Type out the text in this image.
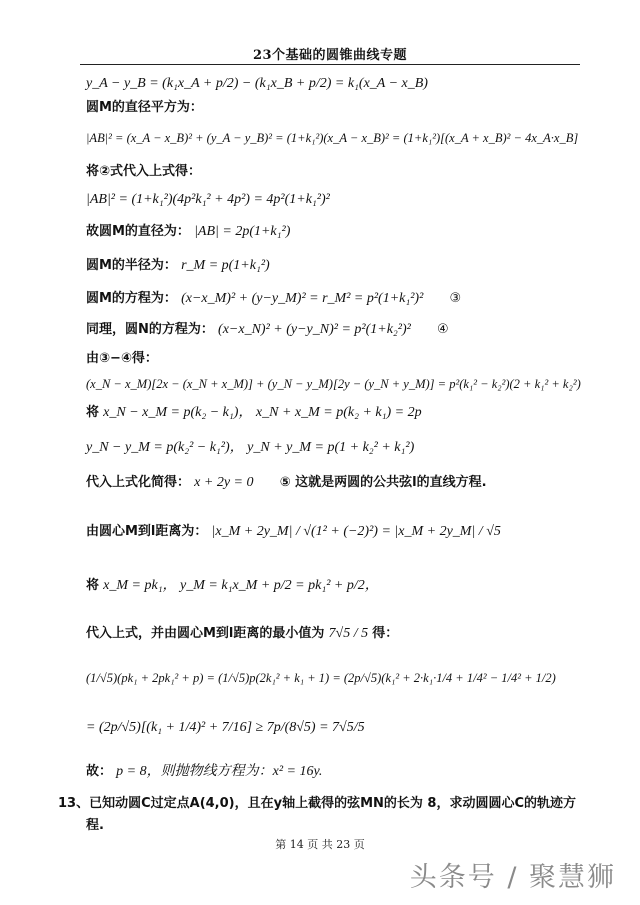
23个基础的圆锥曲线专题
y_A − y_B = (k₁x_A + p/2) − (k₁x_B + p/2) = k₁(x_A − x_B)
圆M的直径平方为：
|AB|² = (x_A − x_B)² + (y_A − y_B)² = (1+k₁²)(x_A − x_B)² = (1+k₁²)[(x_A + x_B)² − 4x_A·x_B]
将②式代入上式得：
|AB|² = (1+k₁²)(4p²k₁² + 4p²) = 4p²(1+k₁²)²
故圆M的直径为： |AB| = 2p(1+k₁²)
圆M的半径为： r_M = p(1+k₁²)
圆M的方程为： (x−x_M)² + (y−y_M)² = r_M² = p²(1+k₁²)² ③
同理，圆N的方程为： (x−x_N)² + (y−y_N)² = p²(1+k₂²)² ④
由③−④得：
(x_N − x_M)[2x − (x_N + x_M)] + (y_N − y_M)[2y − (y_N + y_M)] = p²(k₁² − k₂²)(2 + k₁² + k₂²)
将 x_N − x_M = p(k₂ − k₁)， x_N + x_M = p(k₂ + k₁) = 2p
y_N − y_M = p(k₂² − k₁²)， y_N + y_M = p(1 + k₂² + k₁²)
代入上式化简得： x + 2y = 0 ⑤ 这就是两圆的公共弦l的直线方程.
由圆心M到l距离为： |x_M + 2y_M| / √(1² + (−2)²) = |x_M + 2y_M| / √5
将 x_M = pk₁， y_M = k₁x_M + p/2 = pk₁² + p/2，
代入上式，并由圆心M到l距离的最小值为 7√5 / 5 得：
(1/√5)(pk₁ + 2pk₁² + p) = (1/√5)p(2k₁² + k₁ + 1) = (2p/√5)(k₁² + 2·k₁·1/4 + 1/4² − 1/4² + 1/2)
= (2p/√5)[(k₁ + 1/4)² + 7/16] ≥ 7p/(8√5) = 7√5/5
故： p = 8，则抛物线方程为：x² = 16y.
13、已知动圆C过定点A(4,0)，且在y轴上截得的弦MN的长为 8，求动圆圆心C的轨迹方
程.
第 14 页 共 23 页
头条号 / 聚慧狮
